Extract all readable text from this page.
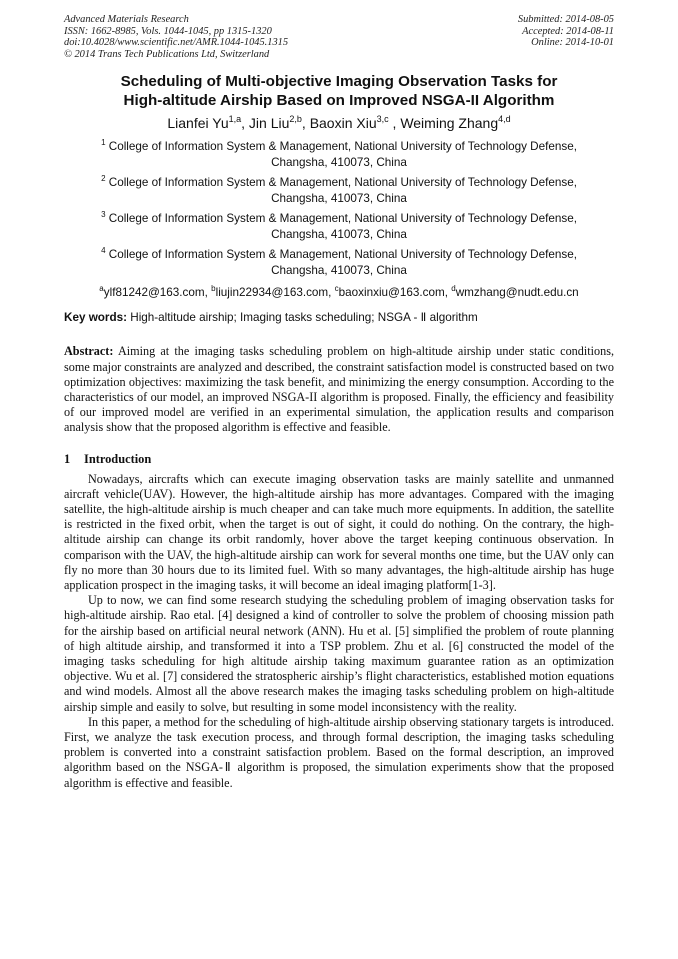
Advanced Materials Research
ISSN: 1662-8985, Vols. 1044-1045, pp 1315-1320
doi:10.4028/www.scientific.net/AMR.1044-1045.1315
© 2014 Trans Tech Publications Ltd, Switzerland
Submitted: 2014-08-05
Accepted: 2014-08-11
Online: 2014-10-01
Scheduling of Multi-objective Imaging Observation Tasks for
High-altitude Airship Based on Improved NSGA-II Algorithm
Lianfei Yu$^{1,a}$, Jin Liu$^{2,b}$, Baoxin Xiu$^{3,c}$ , Weiming Zhang$^{4,d}$
$^1$ College of Information System & Management, National University of Technology Defense,
Changsha, 410073, China
$^2$ College of Information System & Management, National University of Technology Defense,
Changsha, 410073, China
$^3$ College of Information System & Management, National University of Technology Defense,
Changsha, 410073, China
$^4$ College of Information System & Management, National University of Technology Defense,
Changsha, 410073, China
$^a$ylf81242@163.com, $^b$liujin22934@163.com, $^c$baoxinxiu@163.com, $^d$wmzhang@nudt.edu.cn
Key words: High-altitude airship; Imaging tasks scheduling; NSGA - Ⅱ algorithm
Abstract: Aiming at the imaging tasks scheduling problem on high-altitude airship under static conditions, some major constraints are analyzed and described, the constraint satisfaction model is constructed based on two optimization objectives: maximizing the task benefit, and minimizing the energy consumption. According to the characteristics of our model, an improved NSGA-II algorithm is proposed. Finally, the efficiency and feasibility of our improved model are verified in an experimental simulation, the application results and comparison analysis show that the proposed algorithm is effective and feasible.
1 Introduction
Nowadays, aircrafts which can execute imaging observation tasks are mainly satellite and unmanned aircraft vehicle(UAV). However, the high-altitude airship has more advantages. Compared with the imaging satellite, the high-altitude airship is much cheaper and can take much more equipments. In addition, the satellite is restricted in the fixed orbit, when the target is out of sight, it could do nothing. On the contrary, the high-altitude airship can change its orbit randomly, hover above the target keeping continuous observation. In comparison with the UAV, the high-altitude airship can work for several months one time, but the UAV only can fly no more than 30 hours due to its limited fuel. With so many advantages, the high-altitude airship has huge application prospect in the imaging tasks, it will become an ideal imaging platform[1-3].
Up to now, we can find some research studying the scheduling problem of imaging observation tasks for high-altitude airship. Rao etal. [4] designed a kind of controller to solve the problem of choosing mission path for the airship based on artificial neural network (ANN). Hu et al. [5] simplified the problem of route planning of high altitude airship, and transformed it into a TSP problem. Zhu et al. [6] constructed the model of the imaging tasks scheduling for high altitude airship taking maximum guarantee ration as an optimization objective. Wu et al. [7] considered the stratospheric airship’s flight characteristics, established motion equations and wind models. Almost all the above research makes the imaging tasks scheduling problem on high-altitude airship simple and easily to solve, but resulting in some model inconsistency with the reality.
In this paper, a method for the scheduling of high-altitude airship observing stationary targets is introduced. First, we analyze the task execution process, and through formal description, the imaging tasks scheduling problem is converted into a constraint satisfaction problem. Based on the formal description, an improved algorithm based on the NSGA-Ⅱ algorithm is proposed, the simulation experiments show that the proposed algorithm is effective and feasible.
